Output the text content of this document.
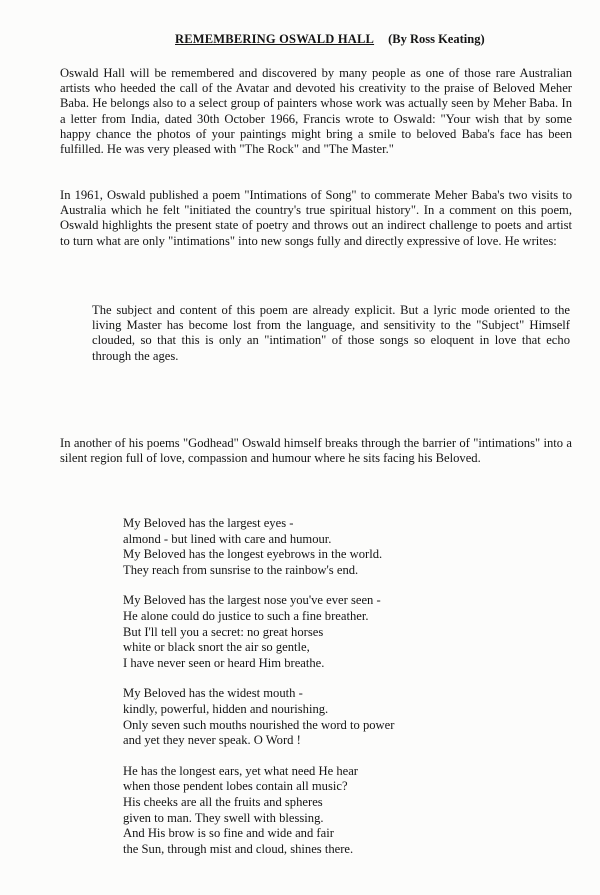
REMEMBERING OSWALD HALL (By Ross Keating)

Oswald Hall will be remembered and discovered by many people as one of those rare Australian artists who heeded the call of the Avatar and devoted his creativity to the praise of Beloved Meher Baba. He belongs also to a select group of painters whose work was actually seen by Meher Baba. In a letter from India, dated 30th October 1966, Francis wrote to Oswald: "Your wish that by some happy chance the photos of your paintings might bring a smile to beloved Baba's face has been fulfilled. He was very pleased with "The Rock" and "The Master."

In 1961, Oswald published a poem "Intimations of Song" to commerate Meher Baba's two visits to Australia which he felt "initiated the country's true spiritual history". In a comment on this poem, Oswald highlights the present state of poetry and throws out an indirect challenge to poets and artist to turn what are only "intimations" into new songs fully and directly expressive of love. He writes:

The subject and content of this poem are already explicit. But a lyric mode oriented to the living Master has become lost from the language, and sensitivity to the "Subject" Himself clouded, so that this is only an "intimation" of those songs so eloquent in love that echo through the ages.

In another of his poems "Godhead" Oswald himself breaks through the barrier of "intimations" into a silent region full of love, compassion and humour where he sits facing his Beloved.

My Beloved has the largest eyes -
almond - but lined with care and humour.
My Beloved has the longest eyebrows in the world.
They reach from sunsrise to the rainbow's end.
My Beloved has the largest nose you've ever seen -
He alone could do justice to such a fine breather.
But I'll tell you a secret: no great horses
white or black snort the air so gentle,
I have never seen or heard Him breathe.
My Beloved has the widest mouth -
kindly, powerful, hidden and nourishing.
Only seven such mouths nourished the word to power
and yet they never speak. O Word !
He has the longest ears, yet what need He hear
when those pendent lobes contain all music?
His cheeks are all the fruits and spheres
given to man. They swell with blessing.
And His brow is so fine and wide and fair
the Sun, through mist and cloud, shines there.
